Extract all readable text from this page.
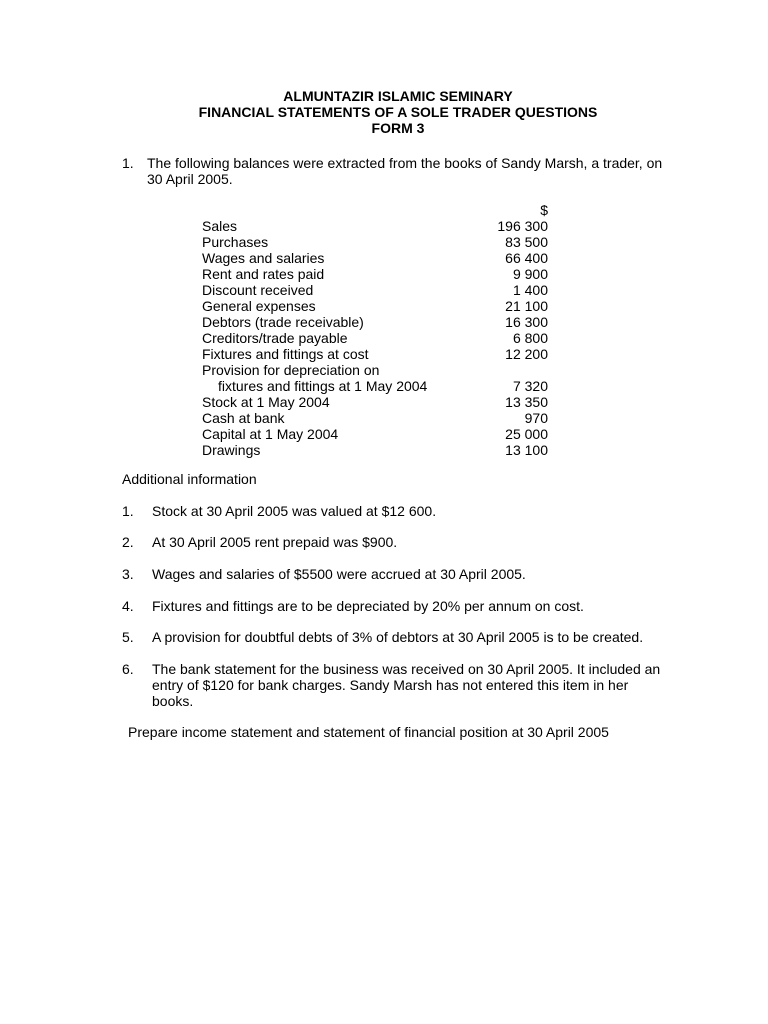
ALMUNTAZIR ISLAMIC SEMINARY
FINANCIAL STATEMENTS OF A SOLE TRADER QUESTIONS
FORM 3
1. The following balances were extracted from the books of Sandy Marsh, a trader, on
30 April 2005.
$
Sales	196 300
Purchases	83 500
Wages and salaries	66 400
Rent and rates paid	9 900
Discount received	1 400
General expenses	21 100
Debtors (trade receivable)	16 300
Creditors/trade payable	6 800
Fixtures and fittings at cost	12 200
Provision for depreciation on
fixtures and fittings at 1 May 2004	7 320
Stock at 1 May 2004	13 350
Cash at bank	970
Capital at 1 May 2004	25 000
Drawings	13 100
Additional information
1. Stock at 30 April 2005 was valued at $12 600.
2. At 30 April 2005 rent prepaid was $900.
3. Wages and salaries of $5500 were accrued at 30 April 2005.
4. Fixtures and fittings are to be depreciated by 20% per annum on cost.
5. A provision for doubtful debts of 3% of debtors at 30 April 2005 is to be created.
6. The bank statement for the business was received on 30 April 2005. It included an
entry of $120 for bank charges. Sandy Marsh has not entered this item in her
books.
Prepare income statement and statement of financial position at 30 April 2005
